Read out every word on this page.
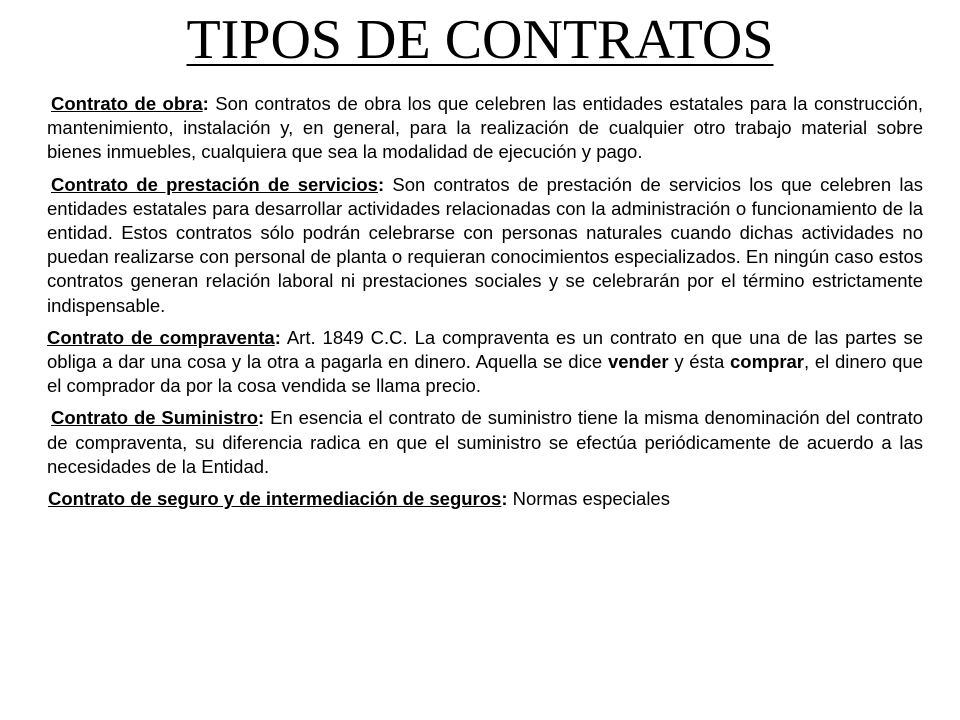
TIPOS DE CONTRATOS

Contrato de obra: Son contratos de obra los que celebren las entidades estatales para la construcción, mantenimiento, instalación y, en general, para la realización de cualquier otro trabajo material sobre bienes inmuebles, cualquiera que sea la modalidad de ejecución y pago.

Contrato de prestación de servicios: Son contratos de prestación de servicios los que celebren las entidades estatales para desarrollar actividades relacionadas con la administración o funcionamiento de la entidad. Estos contratos sólo podrán celebrarse con personas naturales cuando dichas actividades no puedan realizarse con personal de planta o requieran conocimientos especializados. En ningún caso estos contratos generan relación laboral ni prestaciones sociales y se celebrarán por el término estrictamente indispensable.

Contrato de compraventa: Art. 1849 C.C. La compraventa es un contrato en que una de las partes se obliga a dar una cosa y la otra a pagarla en dinero. Aquella se dice vender y ésta comprar, el dinero que el comprador da por la cosa vendida se llama precio.

Contrato de Suministro: En esencia el contrato de suministro tiene la misma denominación del contrato de compraventa, su diferencia radica en que el suministro se efectúa periódicamente de acuerdo a las necesidades de la Entidad.

Contrato de seguro y de intermediación de seguros: Normas especiales
